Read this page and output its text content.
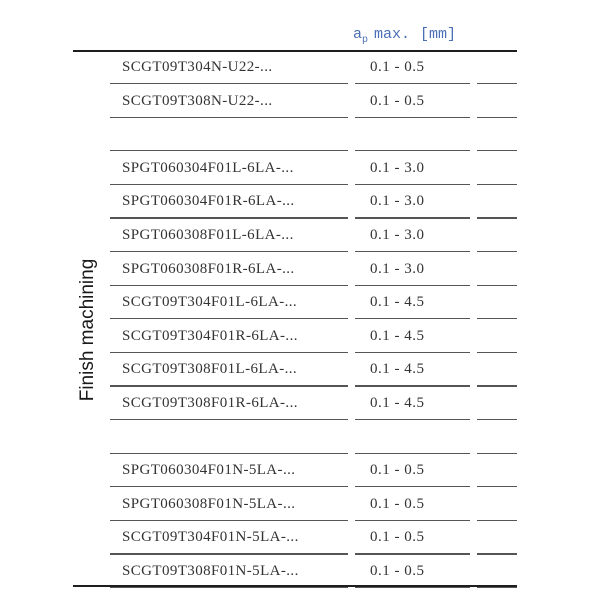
a p max. [mm]
Finish machining
SCGT09T304N-U22-...	0.1 - 0.5
SCGT09T308N-U22-...	0.1 - 0.5
SPGT060304F01L-6LA-...	0.1 - 3.0
SPGT060304F01R-6LA-...	0.1 - 3.0
SPGT060308F01L-6LA-...	0.1 - 3.0
SPGT060308F01R-6LA-...	0.1 - 3.0
SCGT09T304F01L-6LA-...	0.1 - 4.5
SCGT09T304F01R-6LA-...	0.1 - 4.5
SCGT09T308F01L-6LA-...	0.1 - 4.5
SCGT09T308F01R-6LA-...	0.1 - 4.5
SPGT060304F01N-5LA-...	0.1 - 0.5
SPGT060308F01N-5LA-...	0.1 - 0.5
SCGT09T304F01N-5LA-...	0.1 - 0.5
SCGT09T308F01N-5LA-...	0.1 - 0.5
